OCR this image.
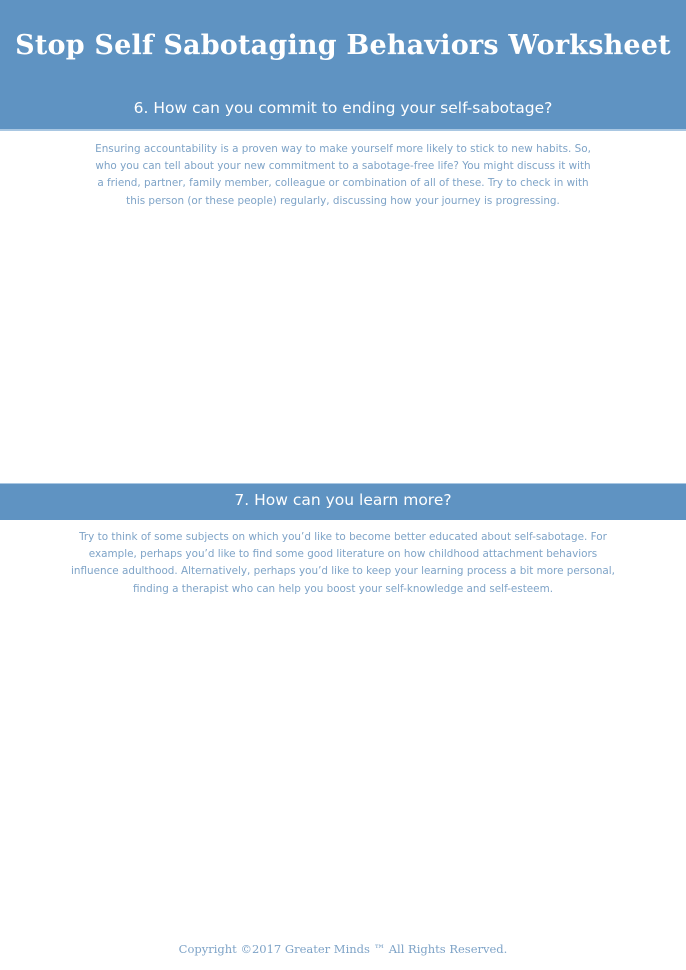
Stop Self Sabotaging Behaviors Worksheet
6. How can you commit to ending your self-sabotage?
Ensuring accountability is a proven way to make yourself more likely to stick to new habits. So,
who you can tell about your new commitment to a sabotage-free life? You might discuss it with
a friend, partner, family member, colleague or combination of all of these. Try to check in with
this person (or these people) regularly, discussing how your journey is progressing.
7. How can you learn more?
Try to think of some subjects on which you’d like to become better educated about self-sabotage. For
example, perhaps you’d like to find some good literature on how childhood attachment behaviors
influence adulthood. Alternatively, perhaps you’d like to keep your learning process a bit more personal,
finding a therapist who can help you boost your self-knowledge and self-esteem.
Copyright ©2017 Greater Minds ™ All Rights Reserved.
